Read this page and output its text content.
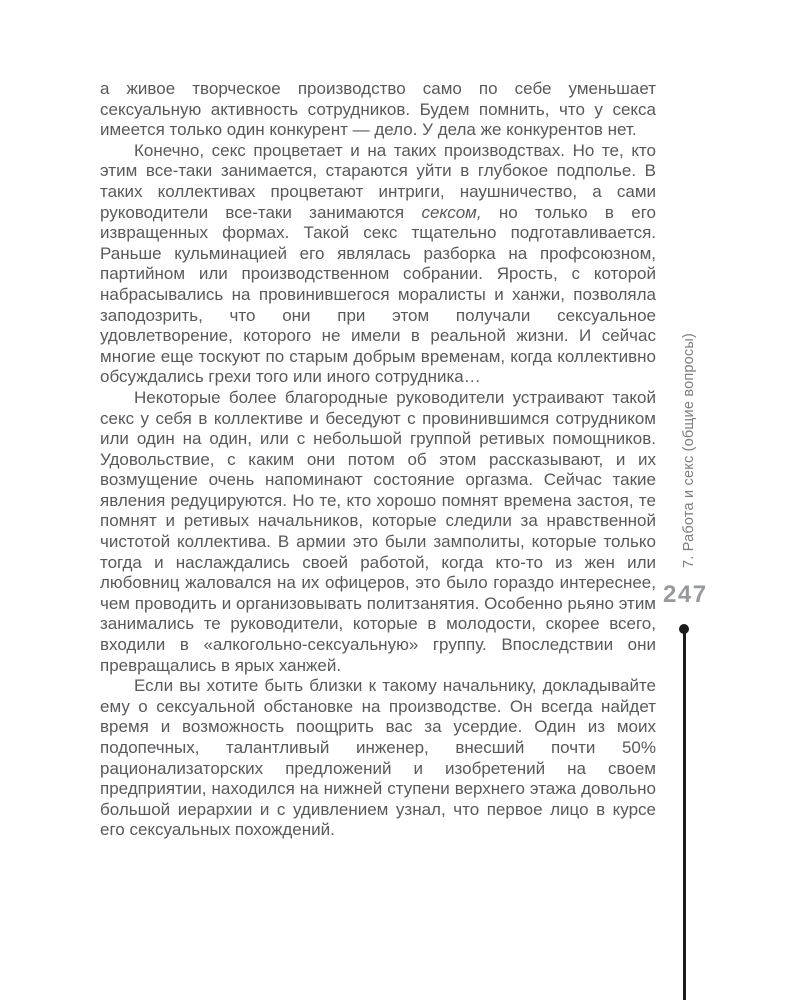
а живое творческое производство само по себе уменьшает сексуальную активность сотрудников. Будем помнить, что у секса имеется только один конкурент — дело. У дела же конкурентов нет.

Конечно, секс процветает и на таких производствах. Но те, кто этим все-таки занимается, стараются уйти в глубокое подполье. В таких коллективах процветают интриги, наушничество, а сами руководители все-таки занимаются сексом, но только в его извращенных формах. Такой секс тщательно подготавливается. Раньше кульминацией его являлась разборка на профсоюзном, партийном или производственном собрании. Ярость, с которой набрасывались на провинившегося моралисты и ханжи, позволяла заподозрить, что они при этом получали сексуальное удовлетворение, которого не имели в реальной жизни. И сейчас многие еще тоскуют по старым добрым временам, когда коллективно обсуждались грехи того или иного сотрудника…

Некоторые более благородные руководители устраивают такой секс у себя в коллективе и беседуют с провинившимся сотрудником или один на один, или с небольшой группой ретивых помощников. Удовольствие, с каким они потом об этом рассказывают, и их возмущение очень напоминают состояние оргазма. Сейчас такие явления редуцируются. Но те, кто хорошо помнят времена застоя, те помнят и ретивых начальников, которые следили за нравственной чистотой коллектива. В армии это были замполиты, которые только тогда и наслаждались своей работой, когда кто-то из жен или любовниц жаловался на их офицеров, это было гораздо интереснее, чем проводить и организовывать политзанятия. Особенно рьяно этим занимались те руководители, которые в молодости, скорее всего, входили в «алкогольно-сексуальную» группу. Впоследствии они превращались в ярых ханжей.

Если вы хотите быть близки к такому начальнику, докладывайте ему о сексуальной обстановке на производстве. Он всегда найдет время и возможность поощрить вас за усердие. Один из моих подопечных, талантливый инженер, внесший почти 50% рационализаторских предложений и изобретений на своем предприятии, находился на нижней ступени верхнего этажа довольно большой иерархии и с удивлением узнал, что первое лицо в курсе его сексуальных похождений.

7. Работа и секс (общие вопросы)
247
